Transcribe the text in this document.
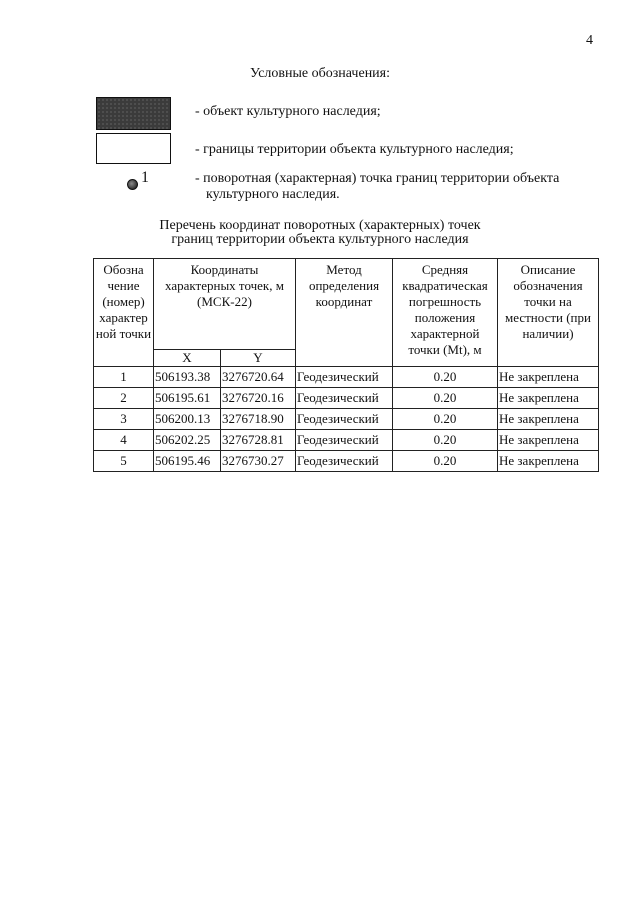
4
Условные обозначения:
- объект культурного наследия;
- границы территории объекта культурного наследия;
1	- поворотная (характерная) точка границ территории объекта
культурного наследия.
Перечень координат поворотных (характерных) точек
границ территории объекта культурного наследия
Обозна чение (номер) характер ной точки	Координаты характерных точек, м (МСК-22)		Метод определения координат	Средняя квадратическая погрешность положения характерной точки (Mt), м	Описание обозначения точки на местности (при наличии)
	X	Y			
1	506193.38	3276720.64	Геодезический	0.20	Не закреплена
2	506195.61	3276720.16	Геодезический	0.20	Не закреплена
3	506200.13	3276718.90	Геодезический	0.20	Не закреплена
4	506202.25	3276728.81	Геодезический	0.20	Не закреплена
5	506195.46	3276730.27	Геодезический	0.20	Не закреплена
